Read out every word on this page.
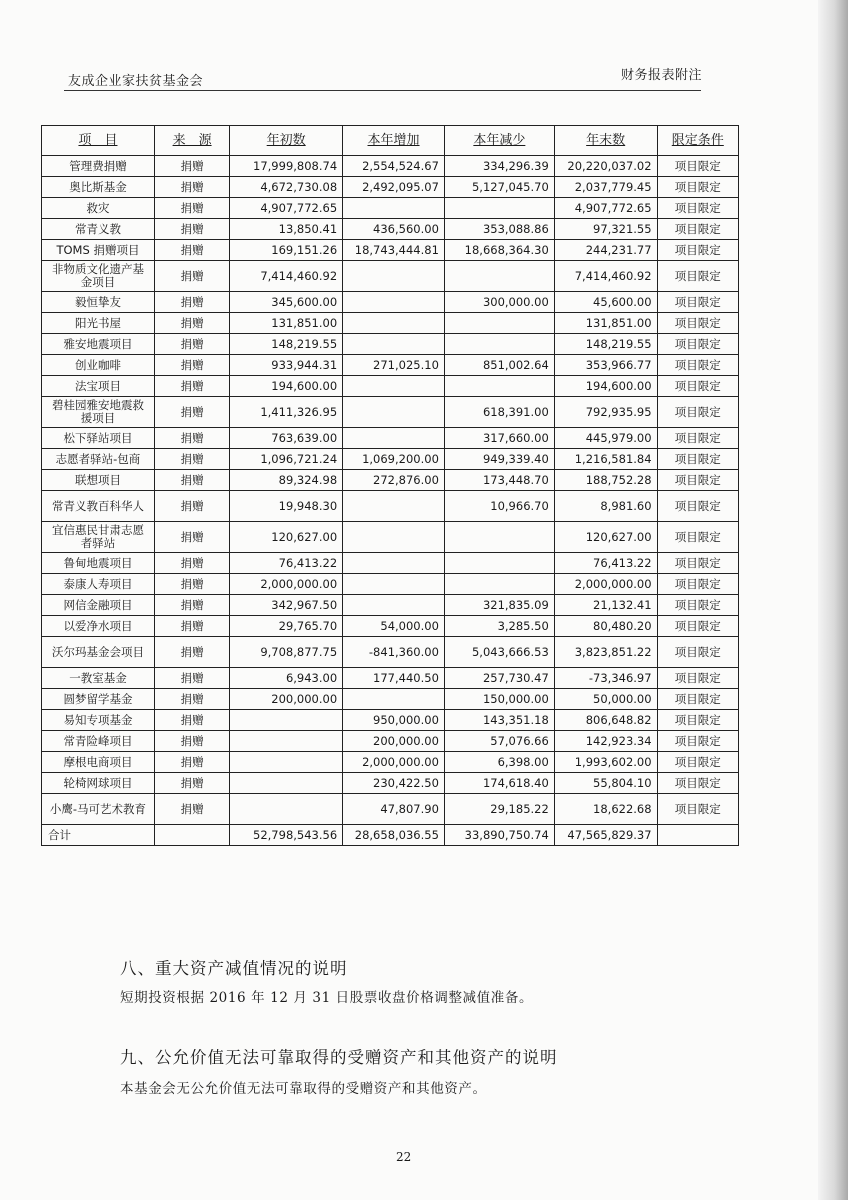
友成企业家扶贫基金会	财务报表附注
项　目	来　源	年初数	本年增加	本年减少	年末数	限定条件
管理费捐赠	捐赠	17,999,808.74	2,554,524.67	334,296.39	20,220,037.02	项目限定
奥比斯基金	捐赠	4,672,730.08	2,492,095.07	5,127,045.70	2,037,779.45	项目限定
救灾	捐赠	4,907,772.65			4,907,772.65	项目限定
常青义教	捐赠	13,850.41	436,560.00	353,088.86	97,321.55	项目限定
TOMS 捐赠项目	捐赠	169,151.26	18,743,444.81	18,668,364.30	244,231.77	项目限定
非物质文化遗产基金项目	捐赠	7,414,460.92			7,414,460.92	项目限定
毅恒挚友	捐赠	345,600.00		300,000.00	45,600.00	项目限定
阳光书屋	捐赠	131,851.00			131,851.00	项目限定
雅安地震项目	捐赠	148,219.55			148,219.55	项目限定
创业咖啡	捐赠	933,944.31	271,025.10	851,002.64	353,966.77	项目限定
法宝项目	捐赠	194,600.00			194,600.00	项目限定
碧桂园雅安地震救援项目	捐赠	1,411,326.95		618,391.00	792,935.95	项目限定
松下驿站项目	捐赠	763,639.00		317,660.00	445,979.00	项目限定
志愿者驿站-包商	捐赠	1,096,721.24	1,069,200.00	949,339.40	1,216,581.84	项目限定
联想项目	捐赠	89,324.98	272,876.00	173,448.70	188,752.28	项目限定
常青义教百科华人	捐赠	19,948.30		10,966.70	8,981.60	项目限定
宜信惠民甘肃志愿者驿站	捐赠	120,627.00			120,627.00	项目限定
鲁甸地震项目	捐赠	76,413.22			76,413.22	项目限定
泰康人寿项目	捐赠	2,000,000.00			2,000,000.00	项目限定
网信金融项目	捐赠	342,967.50		321,835.09	21,132.41	项目限定
以爱净水项目	捐赠	29,765.70	54,000.00	3,285.50	80,480.20	项目限定
沃尔玛基金会项目	捐赠	9,708,877.75	-841,360.00	5,043,666.53	3,823,851.22	项目限定
一教室基金	捐赠	6,943.00	177,440.50	257,730.47	-73,346.97	项目限定
圆梦留学基金	捐赠	200,000.00		150,000.00	50,000.00	项目限定
易知专项基金	捐赠		950,000.00	143,351.18	806,648.82	项目限定
常青险峰项目	捐赠		200,000.00	57,076.66	142,923.34	项目限定
摩根电商项目	捐赠		2,000,000.00	6,398.00	1,993,602.00	项目限定
轮椅网球项目	捐赠		230,422.50	174,618.40	55,804.10	项目限定
小鹰-马可艺术教育	捐赠		47,807.90	29,185.22	18,622.68	项目限定
合计		52,798,543.56	28,658,036.55	33,890,750.74	47,565,829.37	
八、重大资产减值情况的说明
短期投资根据 2016 年 12 月 31 日股票收盘价格调整减值准备。
九、公允价值无法可靠取得的受赠资产和其他资产的说明
本基金会无公允价值无法可靠取得的受赠资产和其他资产。
22
